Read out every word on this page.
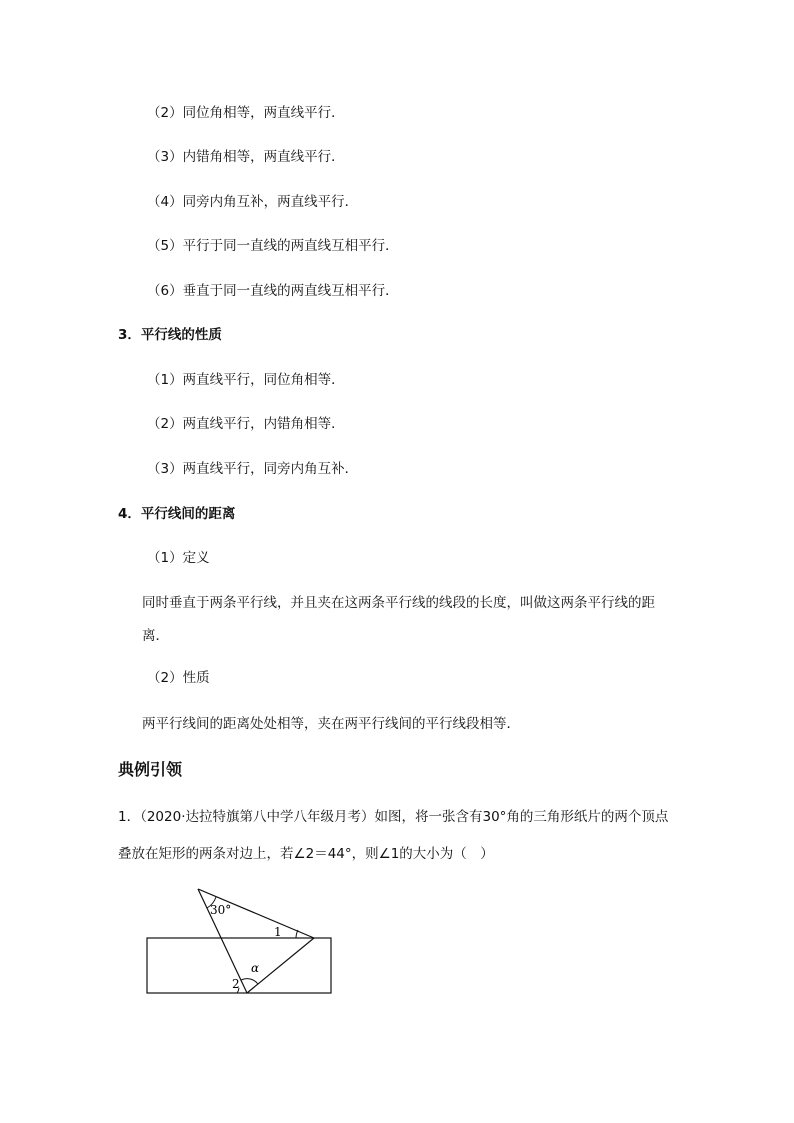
（2）同位角相等，两直线平行．
（3）内错角相等，两直线平行．
（4）同旁内角互补，两直线平行．
（5）平行于同一直线的两直线互相平行．
（6）垂直于同一直线的两直线互相平行．
3．平行线的性质
（1）两直线平行，同位角相等．
（2）两直线平行，内错角相等．
（3）两直线平行，同旁内角互补．
4．平行线间的距离
（1）定义
同时垂直于两条平行线，并且夹在这两条平行线的线段的长度，叫做这两条平行线的距
离．
（2）性质
两平行线间的距离处处相等，夹在两平行线间的平行线段相等．
典例引领
1．（2020·达拉特旗第八中学八年级月考）如图，将一张含有30°角的三角形纸片的两个顶点
叠放在矩形的两条对边上，若∠2＝44°，则∠1的大小为（　）
30°
1
α
2
